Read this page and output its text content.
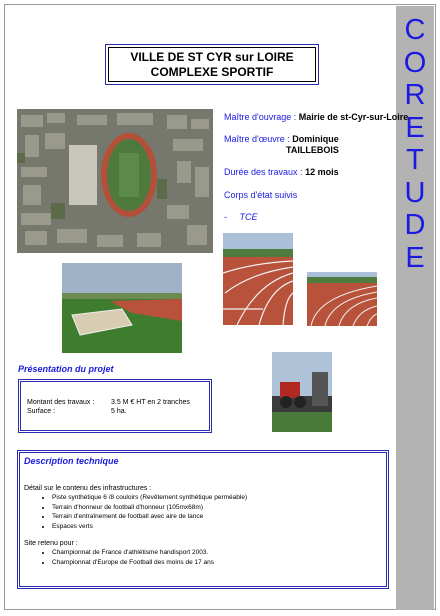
C
O
R
E
T
U
D
E
VILLE DE ST CYR sur LOIRE
COMPLEXE SPORTIF
Maître d'ouvrage : Mairie de st-Cyr-sur-Loire
Maître d'œuvre : Dominique
TAILLEBOIS
Durée des travaux : 12 mois
Corps d'état suivis
- TCE
Présentation du projet
Montant des travaux : 3.5 M € HT en 2 tranches
Surface :	5 ha.
Description technique
Détail sur le contenu des infrastructures :
• Piste synthétique 6 /8 couloirs (Revêtement synthétique perméable)
• Terrain d'honneur de football d'honneur (105mx68m)
• Terrain d'entraînement de football avec aire de lance
• Espaces verts
Site retenu pour :
• Championnat de France d'athlétisme handisport 2003.
• Championnat d'Europe de Football des moins de 17 ans
